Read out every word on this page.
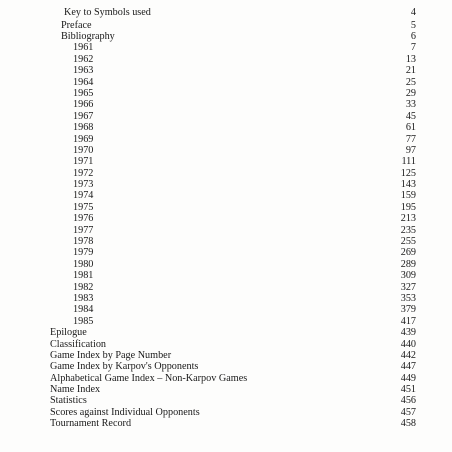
Key to Symbols used	4
Preface	5
Bibliography	6
1961	7
1962	13
1963	21
1964	25
1965	29
1966	33
1967	45
1968	61
1969	77
1970	97
1971	111
1972	125
1973	143
1974	159
1975	195
1976	213
1977	235
1978	255
1979	269
1980	289
1981	309
1982	327
1983	353
1984	379
1985	417
Epilogue	439
Classification	440
Game Index by Page Number	442
Game Index by Karpov's Opponents	447
Alphabetical Game Index – Non-Karpov Games	449
Name Index	451
Statistics	456
Scores against Individual Opponents	457
Tournament Record	458
